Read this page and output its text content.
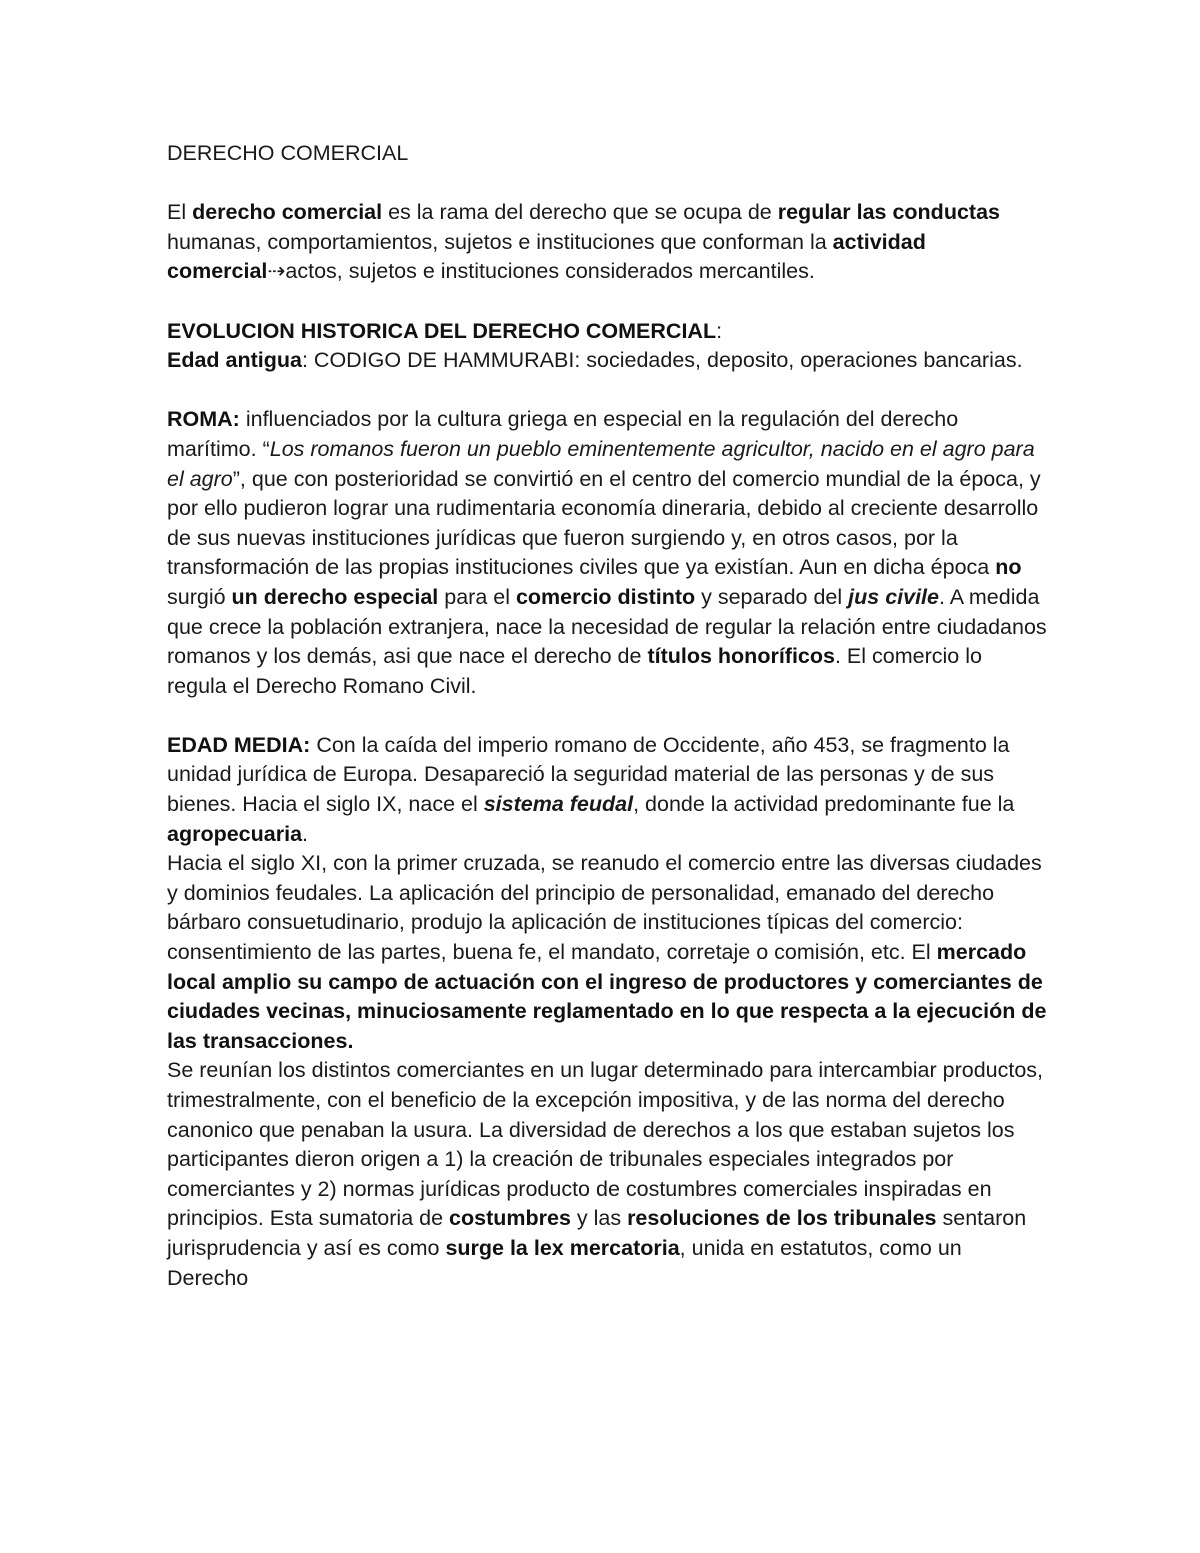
DERECHO COMERCIAL

El derecho comercial es la rama del derecho que se ocupa de regular las conductas humanas, comportamientos, sujetos e instituciones que conforman la actividad comercial⇢actos, sujetos e instituciones considerados mercantiles.

EVOLUCION HISTORICA DEL DERECHO COMERCIAL:

Edad antigua: CODIGO DE HAMMURABI: sociedades, deposito, operaciones bancarias.

ROMA: influenciados por la cultura griega en especial en la regulación del derecho marítimo. “Los romanos fueron un pueblo eminentemente agricultor, nacido en el agro para el agro”, que con posterioridad se convirtió en el centro del comercio mundial de la época, y por ello pudieron lograr una rudimentaria economía dineraria, debido al creciente desarrollo de sus nuevas instituciones jurídicas que fueron surgiendo y, en otros casos, por la transformación de las propias instituciones civiles que ya existían. Aun en dicha época no surgió un derecho especial para el comercio distinto y separado del jus civile. A medida que crece la población extranjera, nace la necesidad de regular la relación entre ciudadanos romanos y los demás, asi que nace el derecho de títulos honoríficos. El comercio lo regula el Derecho Romano Civil.

EDAD MEDIA: Con la caída del imperio romano de Occidente, año 453, se fragmento la unidad jurídica de Europa. Desapareció la seguridad material de las personas y de sus bienes. Hacia el siglo IX, nace el sistema feudal, donde la actividad predominante fue la agropecuaria.

Hacia el siglo XI, con la primer cruzada, se reanudo el comercio entre las diversas ciudades y dominios feudales. La aplicación del principio de personalidad, emanado del derecho bárbaro consuetudinario, produjo la aplicación de instituciones típicas del comercio: consentimiento de las partes, buena fe, el mandato, corretaje o comisión, etc. El mercado local amplio su campo de actuación con el ingreso de productores y comerciantes de ciudades vecinas, minuciosamente reglamentado en lo que respecta a la ejecución de las transacciones.

Se reunían los distintos comerciantes en un lugar determinado para intercambiar productos, trimestralmente, con el beneficio de la excepción impositiva, y de las norma del derecho canonico que penaban la usura. La diversidad de derechos a los que estaban sujetos los participantes dieron origen a 1) la creación de tribunales especiales integrados por comerciantes y 2) normas jurídicas producto de costumbres comerciales inspiradas en principios. Esta sumatoria de costumbres y las resoluciones de los tribunales sentaron jurisprudencia y así es como surge la lex mercatoria, unida en estatutos, como un Derecho
